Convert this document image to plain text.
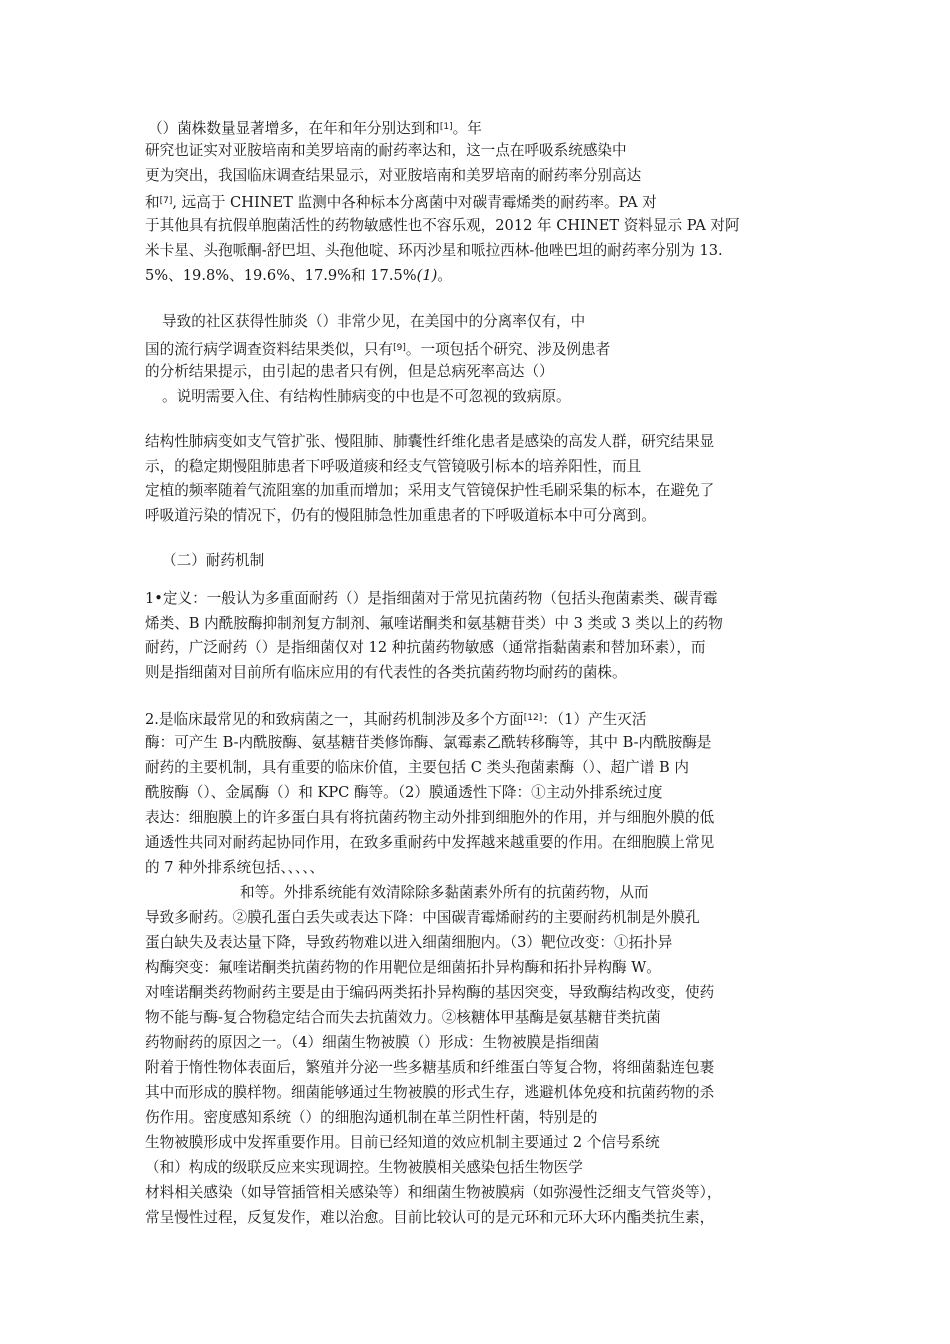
（）菌株数量显著增多，在年和年分别达到和[1]。年
研究也证实对亚胺培南和美罗培南的耐药率达和，这一点在呼吸系统感染中
更为突出，我国临床调查结果显示，对亚胺培南和美罗培南的耐药率分别高达
和[7], 远高于 CHINET 监测中各种标本分离菌中对碳青霉烯类的耐药率。PA 对
于其他具有抗假单胞菌活性的药物敏感性也不容乐观，2012 年 CHINET 资料显示 PA 对阿
米卡星、头孢哌酮-舒巴坦、头孢他啶、环丙沙星和哌拉西林-他唑巴坦的耐药率分别为 13.
5%、19.8%、19.6%、17.9%和 17.5%(1)。
导致的社区获得性肺炎（）非常少见，在美国中的分离率仅有，中
国的流行病学调查资料结果类似，只有[9]。一项包括个研究、涉及例患者
的分析结果提示，由引起的患者只有例，但是总病死率高达（）
。说明需要入住、有结构性肺病变的中也是不可忽视的致病原。
结构性肺病变如支气管扩张、慢阻肺、肺囊性纤维化患者是感染的高发人群，研究结果显
示，的稳定期慢阻肺患者下呼吸道痰和经支气管镜吸引标本的培养阳性，而且
定植的频率随着气流阻塞的加重而增加；采用支气管镜保护性毛刷采集的标本，在避免了
呼吸道污染的情况下，仍有的慢阻肺急性加重患者的下呼吸道标本中可分离到。
（二）耐药机制
1•定义：一般认为多重面耐药（）是指细菌对于常见抗菌药物（包括头孢菌素类、碳青霉
烯类、B 内酰胺酶抑制剂复方制剂、氟喹诺酮类和氨基糖苷类）中 3 类或 3 类以上的药物
耐药，广泛耐药（）是指细菌仅对 12 种抗菌药物敏感（通常指黏菌素和替加环素），而
则是指细菌对目前所有临床应用的有代表性的各类抗菌药物均耐药的菌株。
2.是临床最常见的和致病菌之一，其耐药机制涉及多个方面[12]：（1）产生灭活
酶：可产生 B-内酰胺酶、氨基糖苷类修饰酶、氯霉素乙酰转移酶等，其中 B-内酰胺酶是
耐药的主要机制，具有重要的临床价值，主要包括 C 类头孢菌素酶（）、超广谱 B 内
酰胺酶（）、金属酶（）和 KPC 酶等。（2）膜通透性下降：①主动外排系统过度
表达：细胞膜上的许多蛋白具有将抗菌药物主动外排到细胞外的作用，并与细胞外膜的低
通透性共同对耐药起协同作用，在致多重耐药中发挥越来越重要的作用。在细胞膜上常见
的 7 种外排系统包括、、、、、
和等。外排系统能有效清除除多黏菌素外所有的抗菌药物，从而
导致多耐药。②膜孔蛋白丢失或表达下降：中国碳青霉烯耐药的主要耐药机制是外膜孔
蛋白缺失及表达量下降，导致药物难以进入细菌细胞内。（3）靶位改变：①拓扑异
构酶突变：氟喹诺酮类抗菌药物的作用靶位是细菌拓扑异构酶和拓扑异构酶 W。
对喹诺酮类药物耐药主要是由于编码两类拓扑异构酶的基因突变，导致酶结构改变，使药
物不能与酶-复合物稳定结合而失去抗菌效力。②核糖体甲基酶是氨基糖苷类抗菌
药物耐药的原因之一。（4）细菌生物被膜（）形成：生物被膜是指细菌
附着于惰性物体表面后，繁殖并分泌一些多糖基质和纤维蛋白等复合物，将细菌黏连包裹
其中而形成的膜样物。细菌能够通过生物被膜的形式生存，逃避机体免疫和抗菌药物的杀
伤作用。密度感知系统（）的细胞沟通机制在革兰阴性杆菌，特别是的
生物被膜形成中发挥重要作用。目前已经知道的效应机制主要通过 2 个信号系统
（和）构成的级联反应来实现调控。生物被膜相关感染包括生物医学
材料相关感染（如导管插管相关感染等）和细菌生物被膜病（如弥漫性泛细支气管炎等），
常呈慢性过程，反复发作，难以治愈。目前比较认可的是元环和元环大环内酯类抗生素，
